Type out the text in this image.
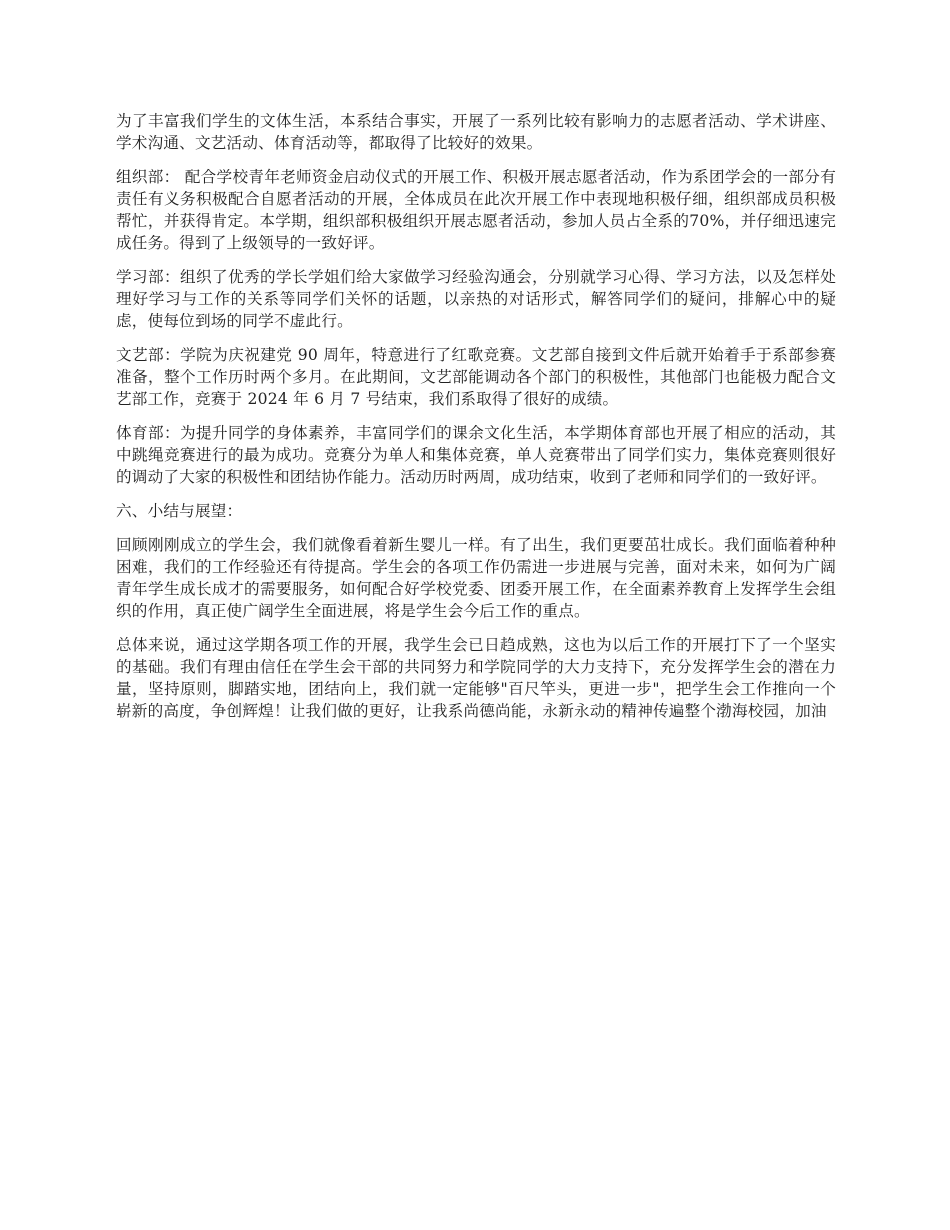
为了丰富我们学生的文体生活，本系结合事实，开展了一系列比较有影响力的志愿者活动、学术讲座、学术沟通、文艺活动、体育活动等，都取得了比较好的效果。

组织部： 配合学校青年老师资金启动仪式的开展工作、积极开展志愿者活动，作为系团学会的一部分有责任有义务积极配合自愿者活动的开展，全体成员在此次开展工作中表现地积极仔细，组织部成员积极帮忙，并获得肯定。本学期，组织部积极组织开展志愿者活动，参加人员占全系的70%，并仔细迅速完成任务。得到了上级领导的一致好评。

学习部：组织了优秀的学长学姐们给大家做学习经验沟通会，分别就学习心得、学习方法，以及怎样处理好学习与工作的关系等同学们关怀的话题，以亲热的对话形式，解答同学们的疑问，排解心中的疑虑，使每位到场的同学不虚此行。

文艺部：学院为庆祝建党 90 周年，特意进行了红歌竞赛。文艺部自接到文件后就开始着手于系部参赛准备，整个工作历时两个多月。在此期间，文艺部能调动各个部门的积极性，其他部门也能极力配合文艺部工作，竞赛于 2024 年 6 月 7 号结束，我们系取得了很好的成绩。

体育部：为提升同学的身体素养，丰富同学们的课余文化生活，本学期体育部也开展了相应的活动，其中跳绳竞赛进行的最为成功。竞赛分为单人和集体竞赛，单人竞赛带出了同学们实力，集体竞赛则很好的调动了大家的积极性和团结协作能力。活动历时两周，成功结束，收到了老师和同学们的一致好评。

六、小结与展望：

回顾刚刚成立的学生会，我们就像看着新生婴儿一样。有了出生，我们更要茁壮成长。我们面临着种种困难，我们的工作经验还有待提高。学生会的各项工作仍需进一步进展与完善，面对未来，如何为广阔青年学生成长成才的需要服务，如何配合好学校党委、团委开展工作，在全面素养教育上发挥学生会组织的作用，真正使广阔学生全面进展，将是学生会今后工作的重点。

总体来说，通过这学期各项工作的开展，我学生会已日趋成熟，这也为以后工作的开展打下了一个坚实的基础。我们有理由信任在学生会干部的共同努力和学院同学的大力支持下，充分发挥学生会的潜在力量，坚持原则，脚踏实地，团结向上，我们就一定能够"百尺竿头，更进一步"，把学生会工作推向一个崭新的高度，争创辉煌！让我们做的更好，让我系尚德尚能，永新永动的精神传遍整个渤海校园，加油
